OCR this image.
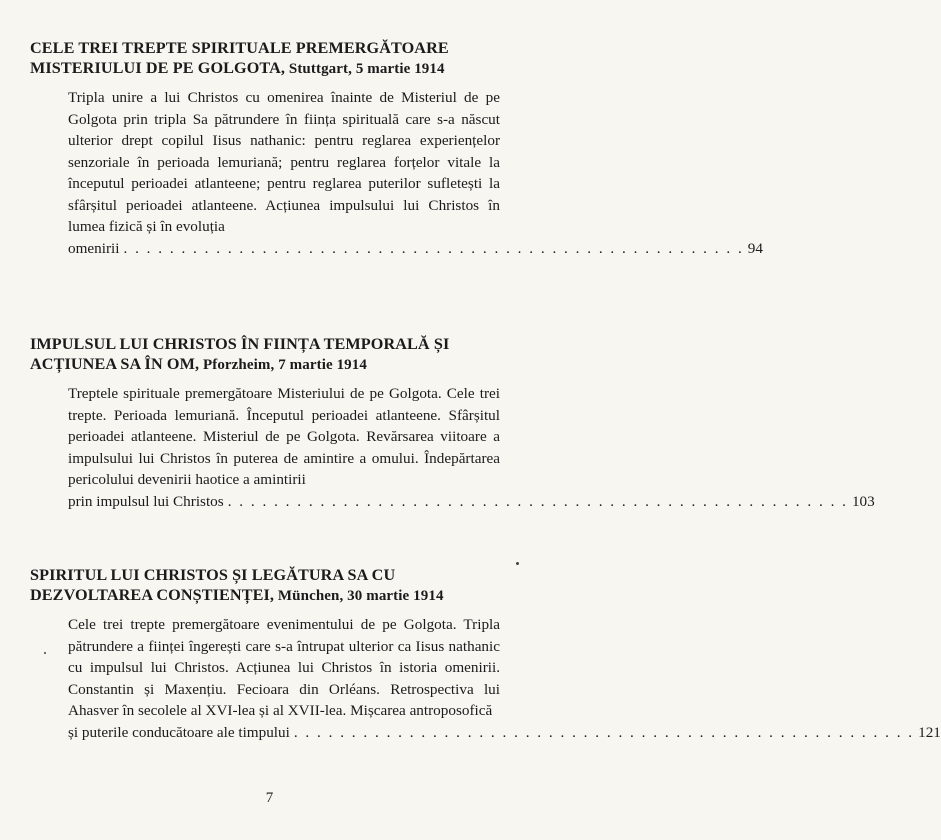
CELE TREI TREPTE SPIRITUALE PREMERGĂTOARE MISTERIULUI DE PE GOLGOTA, Stuttgart, 5 martie 1914
Tripla unire a lui Christos cu omenirea înainte de Misteriul de pe Golgota prin tripla Sa pătrundere în ființa spirituală care s-a născut ulterior drept copilul Iisus nathanic: pentru reglarea experiențelor senzoriale în perioada lemuriană; pentru reglarea forțelor vitale la începutul perioadei atlanteene; pentru reglarea puterilor sufletești la sfârșitul perioadei atlanteene. Acțiunea impulsului lui Christos în lumea fizică și în evoluția
omenirii . . . . . . . . . . . . . . . . . . . . . . . . . . . . . . . . . . . . . . . . . . . . . . . . . . . . . . 94
IMPULSUL LUI CHRISTOS ÎN FIINȚA TEMPORALĂ ȘI ACȚIUNEA SA ÎN OM, Pforzheim, 7 martie 1914
Treptele spirituale premergătoare Misteriului de pe Golgota. Cele trei trepte. Perioada lemuriană. Începutul perioadei atlanteene. Sfârșitul perioadei atlanteene. Misteriul de pe Golgota. Revărsarea viitoare a impulsului lui Christos în puterea de amintire a omului. Îndepărtarea pericolului devenirii haotice a amintirii
prin impulsul lui Christos . . . . . . . . . . . . . . . . . . . . . . . . . . . . . . . . . . . . . . . . . . . . . . . . . . . . . . 103
SPIRITUL LUI CHRISTOS ȘI LEGĂTURA SA CU DEZVOLTAREA CONȘTIENȚEI, München, 30 martie 1914
Cele trei trepte premergătoare evenimentului de pe Golgota. Tripla pătrundere a ființei îngerești care s-a întrupat ulterior ca Iisus nathanic cu impulsul lui Christos. Acțiunea lui Christos în istoria omenirii. Constantin și Maxențiu. Fecioara din Orléans. Retrospectiva lui Ahasver în secolele al XVI-lea și al XVII-lea. Mișcarea antroposofică
și puterile conducătoare ale timpului . . . . . . . . . . . . . . . . . . . . . . . . . . . . . . . . . . . . . . . . . . . . . . . . . . . . . . 121
7
